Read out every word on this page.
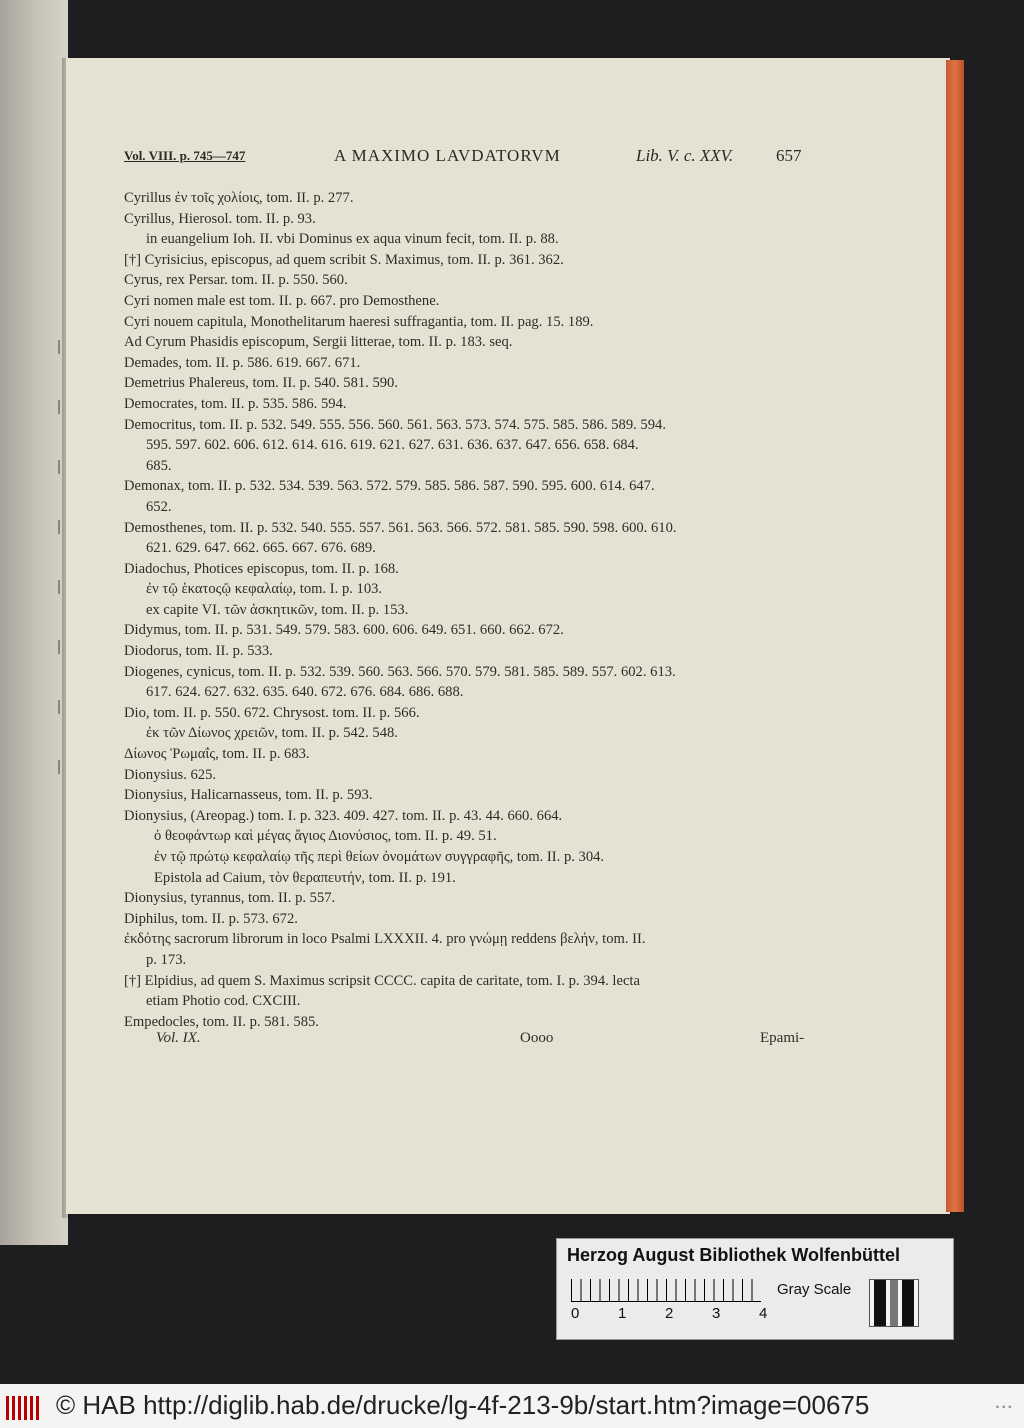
Vol. VIII. p. 745—747	A MAXIMO LAVDATORVM	Lib. V. c. XXV.	657
Cyrillus ἐν τοῖς χολίοις, tom. II. p. 277.
Cyrillus, Hierosol. tom. II. p. 93.
in euangelium Ioh. II. vbi Dominus ex aqua vinum fecit, tom. II. p. 88.
[†] Cyrisicius, episcopus, ad quem scribit S. Maximus, tom. II. p. 361. 362.
Cyrus, rex Persar. tom. II. p. 550. 560.
Cyri nomen male est tom. II. p. 667. pro Demosthene.
Cyri nouem capitula, Monothelitarum haeresi suffragantia, tom. II. pag. 15. 189.
Ad Cyrum Phasidis episcopum, Sergii litterae, tom. II. p. 183. seq.
Demades, tom. II. p. 586. 619. 667. 671.
Demetrius Phalereus, tom. II. p. 540. 581. 590.
Democrates, tom. II. p. 535. 586. 594.
Democritus, tom. II. p. 532. 549. 555. 556. 560. 561. 563. 573. 574. 575. 585. 586. 589. 594.
595. 597. 602. 606. 612. 614. 616. 619. 621. 627. 631. 636. 637. 647. 656. 658. 684.
685.
Demonax, tom. II. p. 532. 534. 539. 563. 572. 579. 585. 586. 587. 590. 595. 600. 614. 647.
652.
Demosthenes, tom. II. p. 532. 540. 555. 557. 561. 563. 566. 572. 581. 585. 590. 598. 600. 610.
621. 629. 647. 662. 665. 667. 676. 689.
Diadochus, Photices episcopus, tom. II. p. 168.
ἐν τῷ ἑκατοςῷ κεφαλαίῳ, tom. I. p. 103.
ex capite VI. τῶν ἀσκητικῶν, tom. II. p. 153.
Didymus, tom. II. p. 531. 549. 579. 583. 600. 606. 649. 651. 660. 662. 672.
Diodorus, tom. II. p. 533.
Diogenes, cynicus, tom. II. p. 532. 539. 560. 563. 566. 570. 579. 581. 585. 589. 557. 602. 613.
617. 624. 627. 632. 635. 640. 672. 676. 684. 686. 688.
Dio, tom. II. p. 550. 672. Chrysost. tom. II. p. 566.
ἐκ τῶν Δίωνος χρειῶν, tom. II. p. 542. 548.
Δίωνος Ῥωμαΐς, tom. II. p. 683.
Dionysius. 625.
Dionysius, Halicarnasseus, tom. II. p. 593.
Dionysius, (Areopag.) tom. I. p. 323. 409. 427. tom. II. p. 43. 44. 660. 664.
ὁ θεοφάντωρ καὶ μέγας ἅγιος Διονύσιος, tom. II. p. 49. 51.
ἐν τῷ πρώτῳ κεφαλαίῳ τῆς περὶ θείων ὀνομάτων συγγραφῆς, tom. II. p. 304.
Epistola ad Caium, τὸν θεραπευτήν, tom. II. p. 191.
Dionysius, tyrannus, tom. II. p. 557.
Diphilus, tom. II. p. 573. 672.
ἐκδότης sacrorum librorum in loco Psalmi LXXXII. 4. pro γνώμῃ reddens βελήν, tom. II.
p. 173.
[†] Elpidius, ad quem S. Maximus scripsit CCCC. capita de caritate, tom. I. p. 394. lecta
etiam Photio cod. CXCIII.
Empedocles, tom. II. p. 581. 585.
Vol. IX.	Oooo	Epami-
Herzog August Bibliothek Wolfenbüttel
0	1	2	3	4
Gray Scale
© HAB http://diglib.hab.de/drucke/lg-4f-213-9b/start.htm?image=00675	•••
